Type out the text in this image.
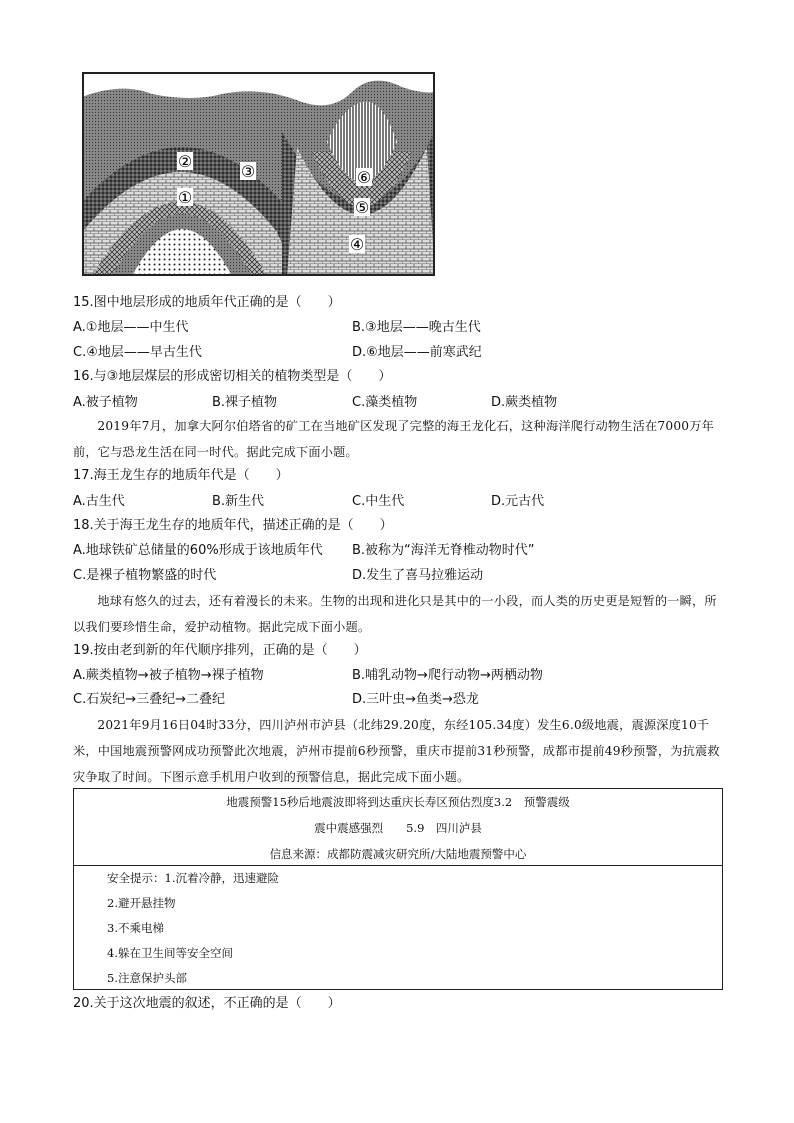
①
②
③
④
⑤
⑥
15.图中地层形成的地质年代正确的是（　　）
A.①地层——中生代	B.③地层——晚古生代
C.④地层——早古生代	D.⑥地层——前寒武纪
16.与③地层煤层的形成密切相关的植物类型是（　　）
A.被子植物	B.裸子植物	C.藻类植物	D.蕨类植物
2019年7月，加拿大阿尔伯塔省的矿工在当地矿区发现了完整的海王龙化石，这种海洋爬行动物生活在7000万年前，它与恐龙生活在同一时代。据此完成下面小题。
17.海王龙生存的地质年代是（　　）
A.古生代	B.新生代	C.中生代	D.元古代
18.关于海王龙生存的地质年代，描述正确的是（　　）
A.地球铁矿总储量的60%形成于该地质年代 B.被称为“海洋无脊椎动物时代”
C.是裸子植物繁盛的时代	D.发生了喜马拉雅运动
地球有悠久的过去，还有着漫长的未来。生物的出现和进化只是其中的一小段，而人类的历史更是短暂的一瞬，所以我们要珍惜生命，爱护动植物。据此完成下面小题。
19.按由老到新的年代顺序排列，正确的是（　　）
A.蕨类植物→被子植物→裸子植物	B.哺乳动物→爬行动物→两栖动物
C.石炭纪→三叠纪→二叠纪	D.三叶虫→鱼类→恐龙
2021年9月16日04时33分，四川泸州市泸县（北纬29.20度，东经105.34度）发生6.0级地震，震源深度10千米，中国地震预警网成功预警此次地震，泸州市提前6秒预警，重庆市提前31秒预警，成都市提前49秒预警，为抗震救灾争取了时间。下图示意手机用户收到的预警信息，据此完成下面小题。
地震预警15秒后地震波即将到达重庆长寿区预估烈度3.2　预警震级
震中震感强烈　　5.9　四川泸县
信息来源：成都防震减灾研究所/大陆地震预警中心
安全提示：1.沉着冷静，迅速避险
2.避开悬挂物
3.不乘电梯
4.躲在卫生间等安全空间
5.注意保护头部
20.关于这次地震的叙述，不正确的是（　　）
